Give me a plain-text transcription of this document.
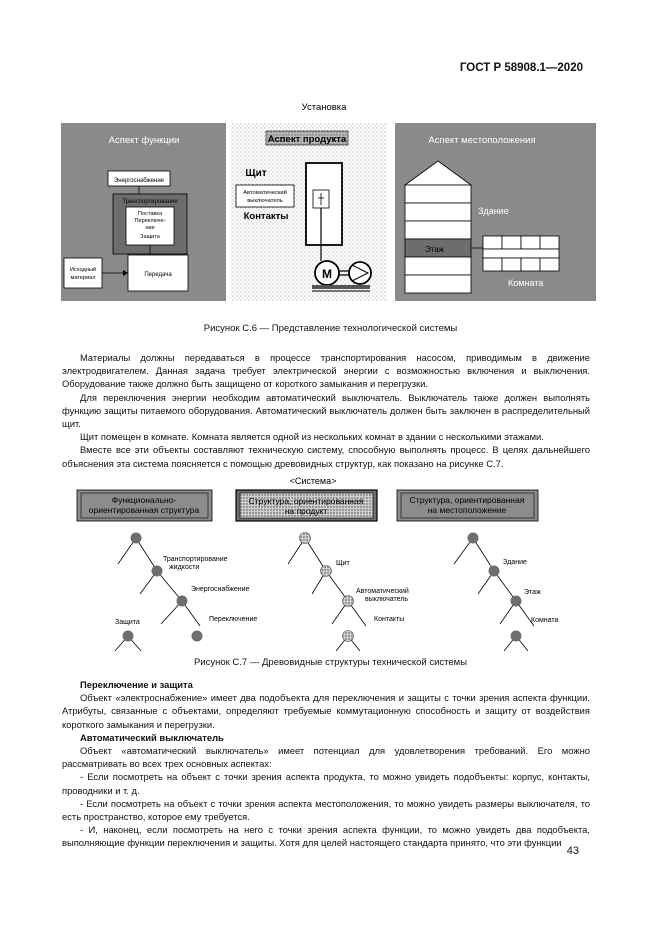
ГОСТ Р 58908.1—2020
Установка
Аспект функции
Энергоснабжение
Транспортирование
Поставка
Переключе-
ние
Защита
Исходный
материал	Передача
Аспект продукта
Щит
Автоматический
выключатель
Контакты
M
Аспект местоположения
Здание
Этаж
Комната
Рисунок С.6 — Представление технологической системы

Материалы должны передаваться в процессе транспортирования насосом, приводимым в движение электродвигателем. Данная задача требует электрической энергии с возможностью включения и выключения. Оборудование также должно быть защищено от короткого замыкания и перегрузки.

Для переключения энергии необходим автоматический выключатель. Выключатель также должен выполнять функцию защиты питаемого оборудования. Автоматический выключатель должен быть заключен в распределительный щит.

Щит помещен в комнате. Комната является одной из нескольких комнат в здании с несколькими этажами.

Вместе все эти объекты составляют техническую систему, способную выполнять процесс. В целях дальнейшего объяснения эта система поясняется с помощью древовидных структур, как показано на рисунке С.7.

<Система>
Функционально-
ориентированная структура
Транспортирование
жидкости
Энергоснабжение
Защита	Переключение
Структура, ориентированная
на продукт
Щит
Автоматический
выключатель
Контакты
Структура, ориентированная
на местоположение
Здание
Этаж
Комната
Рисунок С.7 — Древовидные структуры технической системы

Переключение и защита

Объект «электроснабжение» имеет два подобъекта для переключения и защиты с точки зрения аспекта функции. Атрибуты, связанные с объектами, определяют требуемые коммутационную способность и защиту от воздействия короткого замыкания и перегрузки.

Автоматический выключатель

Объект «автоматический выключатель» имеет потенциал для удовлетворения требований. Его можно рассматривать во всех трех основных аспектах:

- Если посмотреть на объект с точки зрения аспекта продукта, то можно увидеть подобъекты: корпус, контакты, проводники и т. д.

- Если посмотреть на объект с точки зрения аспекта местоположения, то можно увидеть размеры выключателя, то есть пространство, которое ему требуется.

- И, наконец, если посмотреть на него с точки зрения аспекта функции, то можно увидеть два подобъекта, выполняющие функции переключения и защиты. Хотя для целей настоящего стандарта принято, что эти функции

43
